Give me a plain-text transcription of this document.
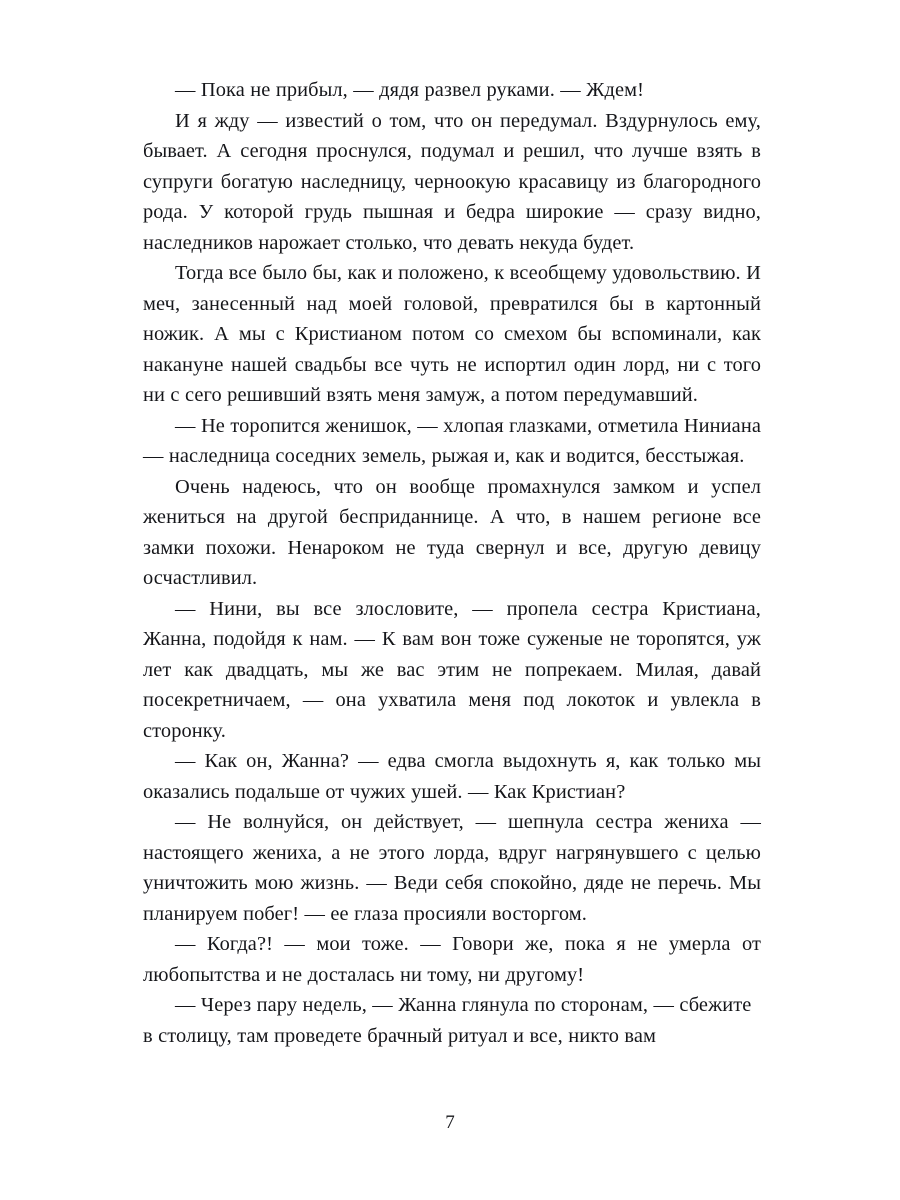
— Пока не прибыл, — дядя развел руками. — Ждем!

И я жду — известий о том, что он передумал. Вздурнулось ему, бывает. А сегодня проснулся, подумал и решил, что лучше взять в супруги богатую наследницу, черноокую красавицу из благородного рода. У которой грудь пышная и бедра широкие — сразу видно, наследников нарожает столько, что девать некуда будет.

Тогда все было бы, как и положено, к всеобщему удовольствию. И меч, занесенный над моей головой, превратился бы в картонный ножик. А мы с Кристианом потом со смехом бы вспоминали, как накануне нашей свадьбы все чуть не испортил один лорд, ни с того ни с сего решивший взять меня замуж, а потом передумавший.

— Не торопится женишок, — хлопая глазками, отметила Ниниана — наследница соседних земель, рыжая и, как и водится, бесстыжая.

Очень надеюсь, что он вообще промахнулся замком и успел жениться на другой бесприданнице. А что, в нашем регионе все замки похожи. Ненароком не туда свернул и все, другую девицу осчастливил.

— Нини, вы все злословите, — пропела сестра Кристиана, Жанна, подойдя к нам. — К вам вон тоже суженые не торопятся, уж лет как двадцать, мы же вас этим не попрекаем. Милая, давай посекретничаем, — она ухватила меня под локоток и увлекла в сторонку.

— Как он, Жанна? — едва смогла выдохнуть я, как только мы оказались подальше от чужих ушей. — Как Кристиан?

— Не волнуйся, он действует, — шепнула сестра жениха — настоящего жениха, а не этого лорда, вдруг нагрянувшего с целью уничтожить мою жизнь. — Веди себя спокойно, дяде не перечь. Мы планируем побег! — ее глаза просияли восторгом.

— Когда?! — мои тоже. — Говори же, пока я не умерла от любопытства и не досталась ни тому, ни другому!

— Через пару недель, — Жанна глянула по сторонам, — сбежите в столицу, там проведете брачный ритуал и все, никто вам

7
